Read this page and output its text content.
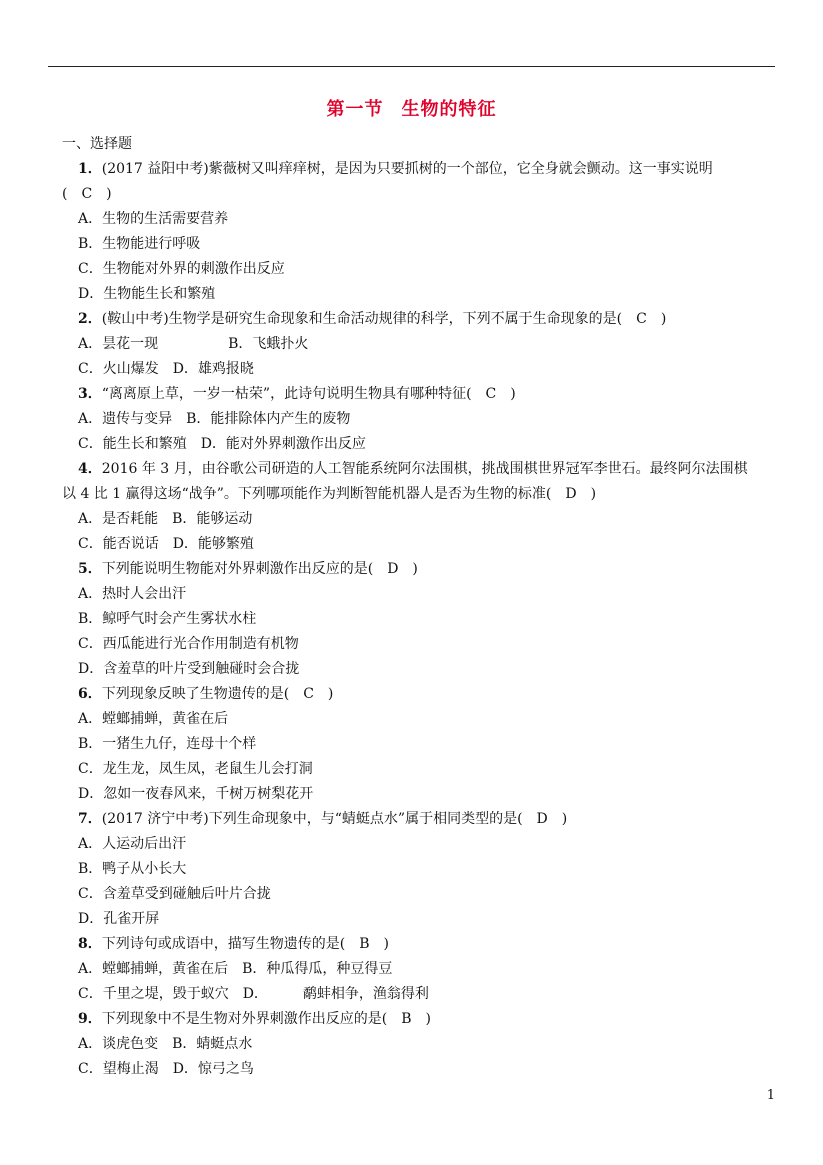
第一节 生物的特征
一、选择题
1．(2017 益阳中考)紫薇树又叫痒痒树，是因为只要抓树的一个部位，它全身就会颤动。这一事实说明
(　C　)
A．生物的生活需要营养
B．生物能进行呼吸
C．生物能对外界的刺激作出反应
D．生物能生长和繁殖
2．(鞍山中考)生物学是研究生命现象和生命活动规律的科学，下列不属于生命现象的是(　C　)
A．昙花一现　　　　　B．飞蛾扑火
C．火山爆发　D．雄鸡报晓
3．“离离原上草，一岁一枯荣”，此诗句说明生物具有哪种特征(　C　)
A．遗传与变异　B．能排除体内产生的废物
C．能生长和繁殖　D．能对外界刺激作出反应
4．2016 年 3 月，由谷歌公司研造的人工智能系统阿尔法围棋，挑战围棋世界冠军李世石。最终阿尔法围棋
以 4 比 1 赢得这场“战争”。下列哪项能作为判断智能机器人是否为生物的标准(　D　)
A．是否耗能　B．能够运动
C．能否说话　D．能够繁殖
5．下列能说明生物能对外界刺激作出反应的是(　D　)
A．热时人会出汗
B．鲸呼气时会产生雾状水柱
C．西瓜能进行光合作用制造有机物
D．含羞草的叶片受到触碰时会合拢
6．下列现象反映了生物遗传的是(　C　)
A．螳螂捕蝉，黄雀在后
B．一猪生九仔，连母十个样
C．龙生龙，凤生凤，老鼠生儿会打洞
D．忽如一夜春风来，千树万树梨花开
7．(2017 济宁中考)下列生命现象中，与“蜻蜓点水”属于相同类型的是(　D　)
A．人运动后出汗
B．鸭子从小长大
C．含羞草受到碰触后叶片合拢
D．孔雀开屏
8．下列诗句或成语中，描写生物遗传的是(　B　)
A．螳螂捕蝉，黄雀在后　B．种瓜得瓜，种豆得豆
C．千里之堤，毁于蚁穴　D．　　　鹬蚌相争，渔翁得利
9．下列现象中不是生物对外界刺激作出反应的是(　B　)
A．谈虎色变　B．蜻蜓点水
C．望梅止渴　D．惊弓之鸟
1
